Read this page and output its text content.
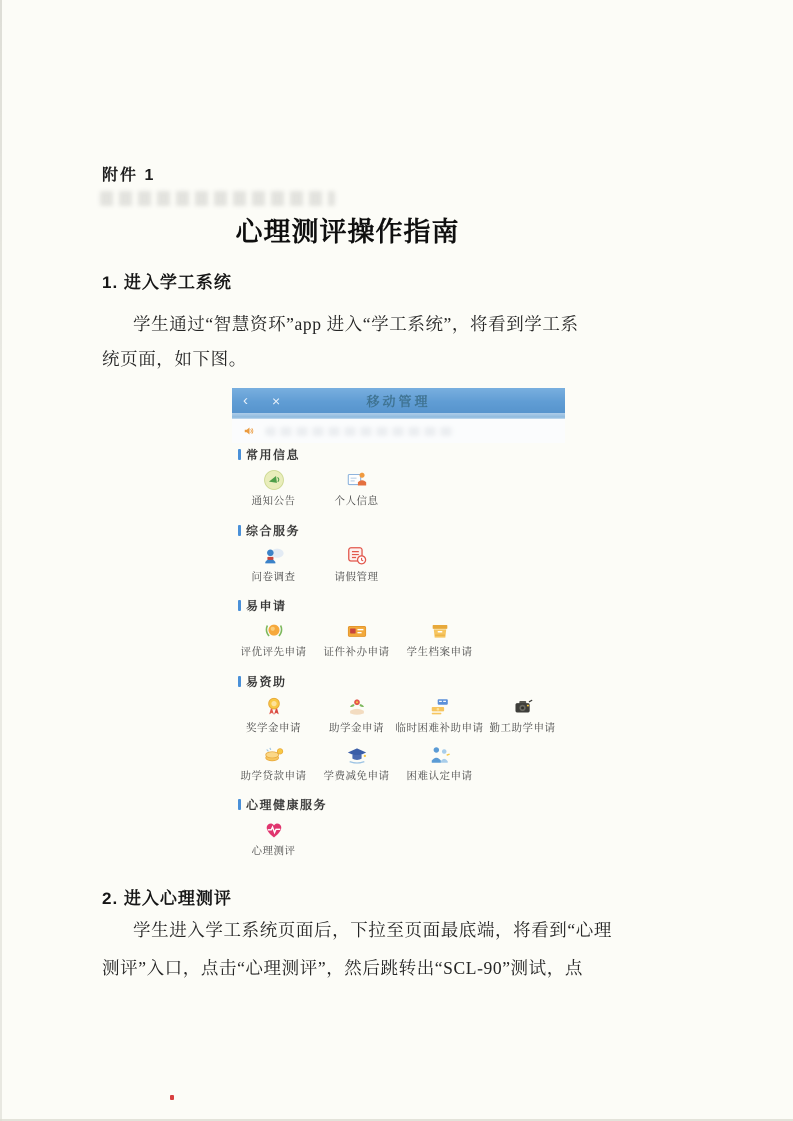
附件 1
心理测评操作指南
1. 进入学工系统
学生通过“智慧资环”app 进入“学工系统”，将看到学工系
统页面，如下图。
‹ ×	移动管理
常用信息
通知公告	个人信息
综合服务
问卷调查	请假管理
易申请
评优评先申请 证件补办申请 学生档案申请
易资助
奖学金申请	助学金申请 临时困难补助申请 勤工助学申请
助学贷款申请 学费减免申请 困难认定申请
心理健康服务
心理测评
2. 进入心理测评
学生进入学工系统页面后，下拉至页面最底端，将看到“心理
测评”入口，点击“心理测评”，然后跳转出“SCL-90”测试，点
